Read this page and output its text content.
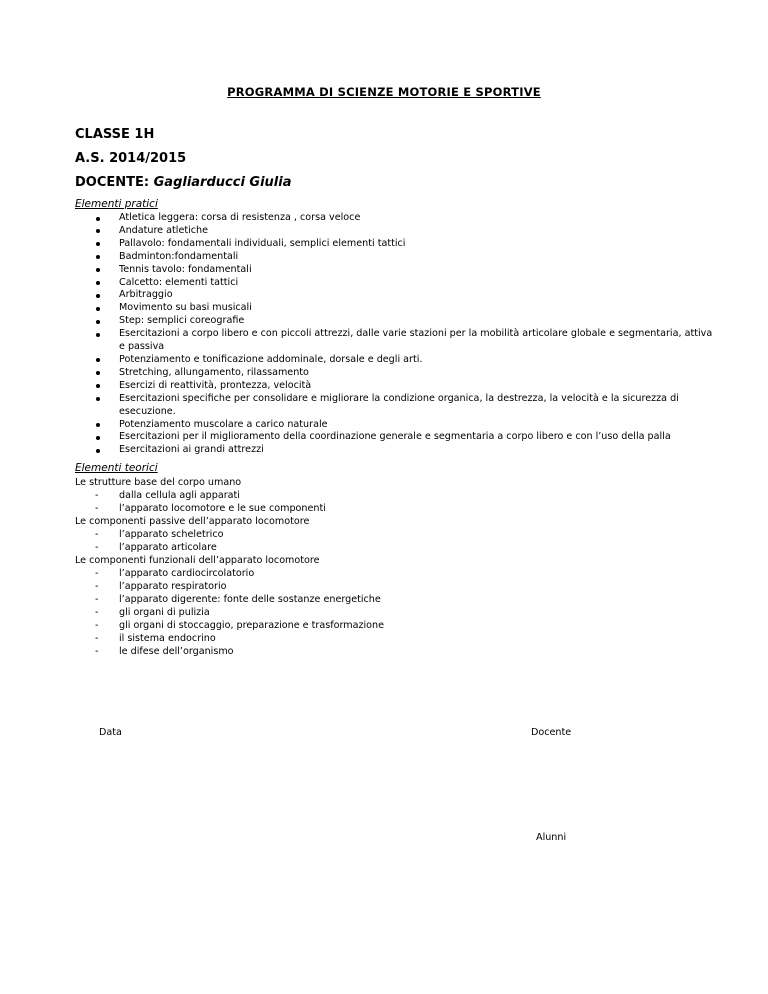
PROGRAMMA DI SCIENZE MOTORIE E SPORTIVE
CLASSE 1H
A.S. 2014/2015
DOCENTE: Gagliarducci Giulia
Elementi pratici
Atletica leggera: corsa di resistenza , corsa veloce
Andature atletiche
Pallavolo: fondamentali individuali, semplici elementi tattici
Badminton:fondamentali
Tennis tavolo: fondamentali
Calcetto: elementi tattici
Arbitraggio
Movimento su basi musicali
Step: semplici coreografie
Esercitazioni a corpo libero e con piccoli attrezzi, dalle varie stazioni per la mobilità articolare globale e segmentaria, attiva e passiva
Potenziamento e tonificazione addominale, dorsale e degli arti.
Stretching, allungamento, rilassamento
Esercizi di reattività, prontezza, velocità
Esercitazioni specifiche per consolidare e migliorare la condizione organica, la destrezza, la velocità e la sicurezza di esecuzione.
Potenziamento muscolare a carico naturale
Esercitazioni per il miglioramento della coordinazione generale e segmentaria a corpo libero e con l’uso della palla
Esercitazioni ai grandi attrezzi
Elementi teorici
Le strutture base del corpo umano
- dalla cellula agli apparati
- l’apparato locomotore e le sue componenti
Le componenti passive dell’apparato locomotore
- l’apparato scheletrico
- l’apparato articolare
Le componenti funzionali dell’apparato locomotore
- l’apparato cardiocircolatorio
- l’apparato respiratorio
- l’apparato digerente: fonte delle sostanze energetiche
- gli organi di pulizia
- gli organi di stoccaggio, preparazione e trasformazione
- il sistema endocrino
- le difese dell’organismo
Data	Docente
Alunni
